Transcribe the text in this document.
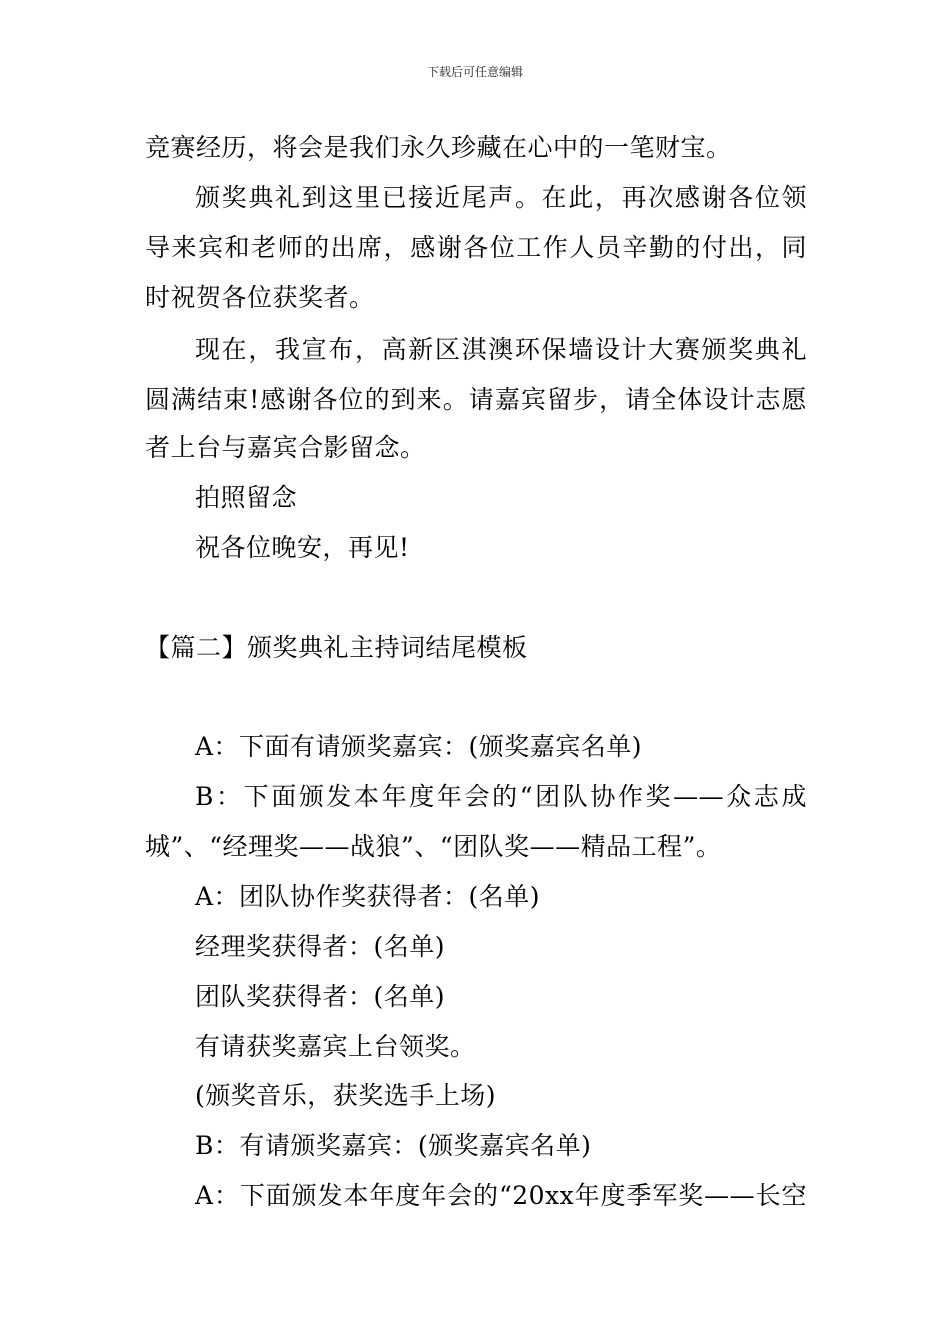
下载后可任意编辑
竞赛经历，将会是我们永久珍藏在心中的一笔财宝。
颁奖典礼到这里已接近尾声。在此，再次感谢各位领
导来宾和老师的出席，感谢各位工作人员辛勤的付出，同
时祝贺各位获奖者。
现在，我宣布，高新区淇澳环保墙设计大赛颁奖典礼
圆满结束!感谢各位的到来。请嘉宾留步，请全体设计志愿
者上台与嘉宾合影留念。
拍照留念
祝各位晚安，再见!
【篇二】颁奖典礼主持词结尾模板
A：下面有请颁奖嘉宾：(颁奖嘉宾名单)
B：下面颁发本年度年会的“团队协作奖——众志成
城”、“经理奖——战狼”、“团队奖——精品工程”。
A：团队协作奖获得者：(名单)
经理奖获得者：(名单)
团队奖获得者：(名单)
有请获奖嘉宾上台领奖。
(颁奖音乐，获奖选手上场)
B：有请颁奖嘉宾：(颁奖嘉宾名单)
A：下面颁发本年度年会的“20xx年度季军奖——长空
